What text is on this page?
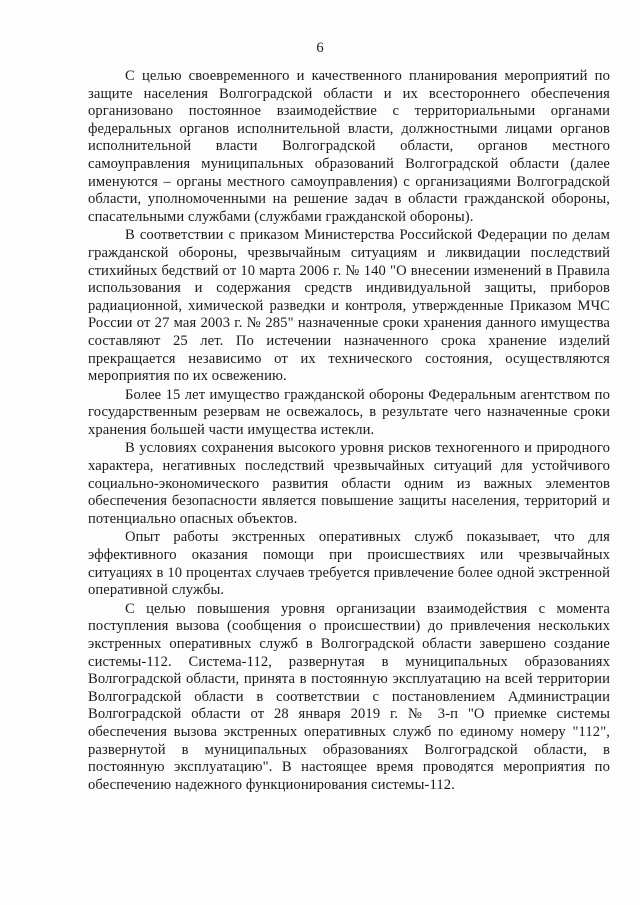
6

С целью своевременного и качественного планирования мероприятий по защите населения Волгоградской области и их всестороннего обеспечения организовано постоянное взаимодействие с территориальными органами федеральных органов исполнительной власти, должностными лицами органов исполнительной власти Волгоградской области, органов местного самоуправления муниципальных образований Волгоградской области (далее именуются – органы местного самоуправления) с организациями Волгоградской области, уполномоченными на решение задач в области гражданской обороны, спасательными службами (службами гражданской обороны).

В соответствии с приказом Министерства Российской Федерации по делам гражданской обороны, чрезвычайным ситуациям и ликвидации последствий стихийных бедствий от 10 марта 2006 г. № 140 "О внесении изменений в Правила использования и содержания средств индивидуальной защиты, приборов радиационной, химической разведки и контроля, утвержденные Приказом МЧС России от 27 мая 2003 г. № 285" назначенные сроки хранения данного имущества составляют 25 лет. По истечении назначенного срока хранение изделий прекращается независимо от их технического состояния, осуществляются мероприятия по их освежению.

Более 15 лет имущество гражданской обороны Федеральным агентством по государственным резервам не освежалось, в результате чего назначенные сроки хранения большей части имущества истекли.

В условиях сохранения высокого уровня рисков техногенного и природного характера, негативных последствий чрезвычайных ситуаций для устойчивого социально-экономического развития области одним из важных элементов обеспечения безопасности является повышение защиты населения, территорий и потенциально опасных объектов.

Опыт работы экстренных оперативных служб показывает, что для эффективного оказания помощи при происшествиях или чрезвычайных ситуациях в 10 процентах случаев требуется привлечение более одной экстренной оперативной службы.

С целью повышения уровня организации взаимодействия с момента поступления вызова (сообщения о происшествии) до привлечения нескольких экстренных оперативных служб в Волгоградской области завершено создание системы-112. Система-112, развернутая в муниципальных образованиях Волгоградской области, принята в постоянную эксплуатацию на всей территории Волгоградской области в соответствии с постановлением Администрации Волгоградской области от 28 января 2019 г. № 3-п "О приемке системы обеспечения вызова экстренных оперативных служб по единому номеру "112", развернутой в муниципальных образованиях Волгоградской области, в постоянную эксплуатацию". В настоящее время проводятся мероприятия по обеспечению надежного функционирования системы-112.
